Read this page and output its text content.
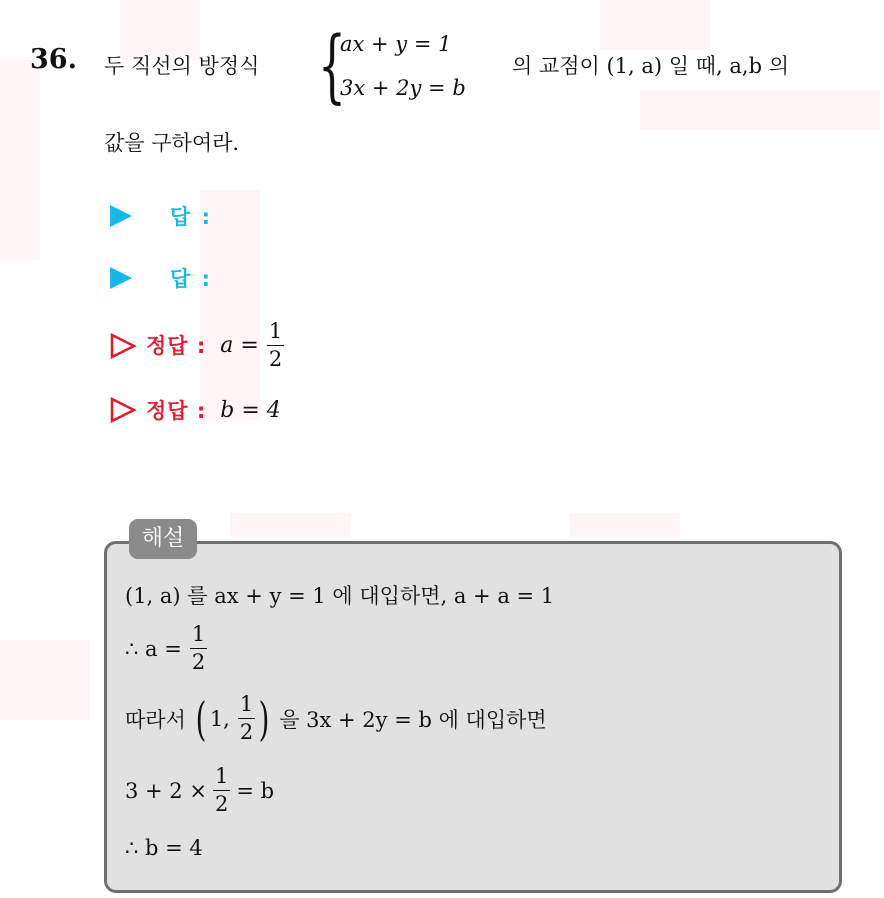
36. 두 직선의 방정식 {
ax + y = 1
3x + 2y = b
의 교점이 (1, a) 일 때, a,b 의
값을 구하여라.
답 :
답 :
정답 : $a = \frac{1}{2}$
정답 : b = 4
해설
(1, a) 를 ax + y = 1 에 대입하면, a + a = 1
∴ $a = \frac{1}{2}$
따라서 ( 1, $\frac{1}{2}$ ) 을 3x + 2y = b 에 대입하면
$3 + 2 \times \frac{1}{2} = b$
∴ b = 4
